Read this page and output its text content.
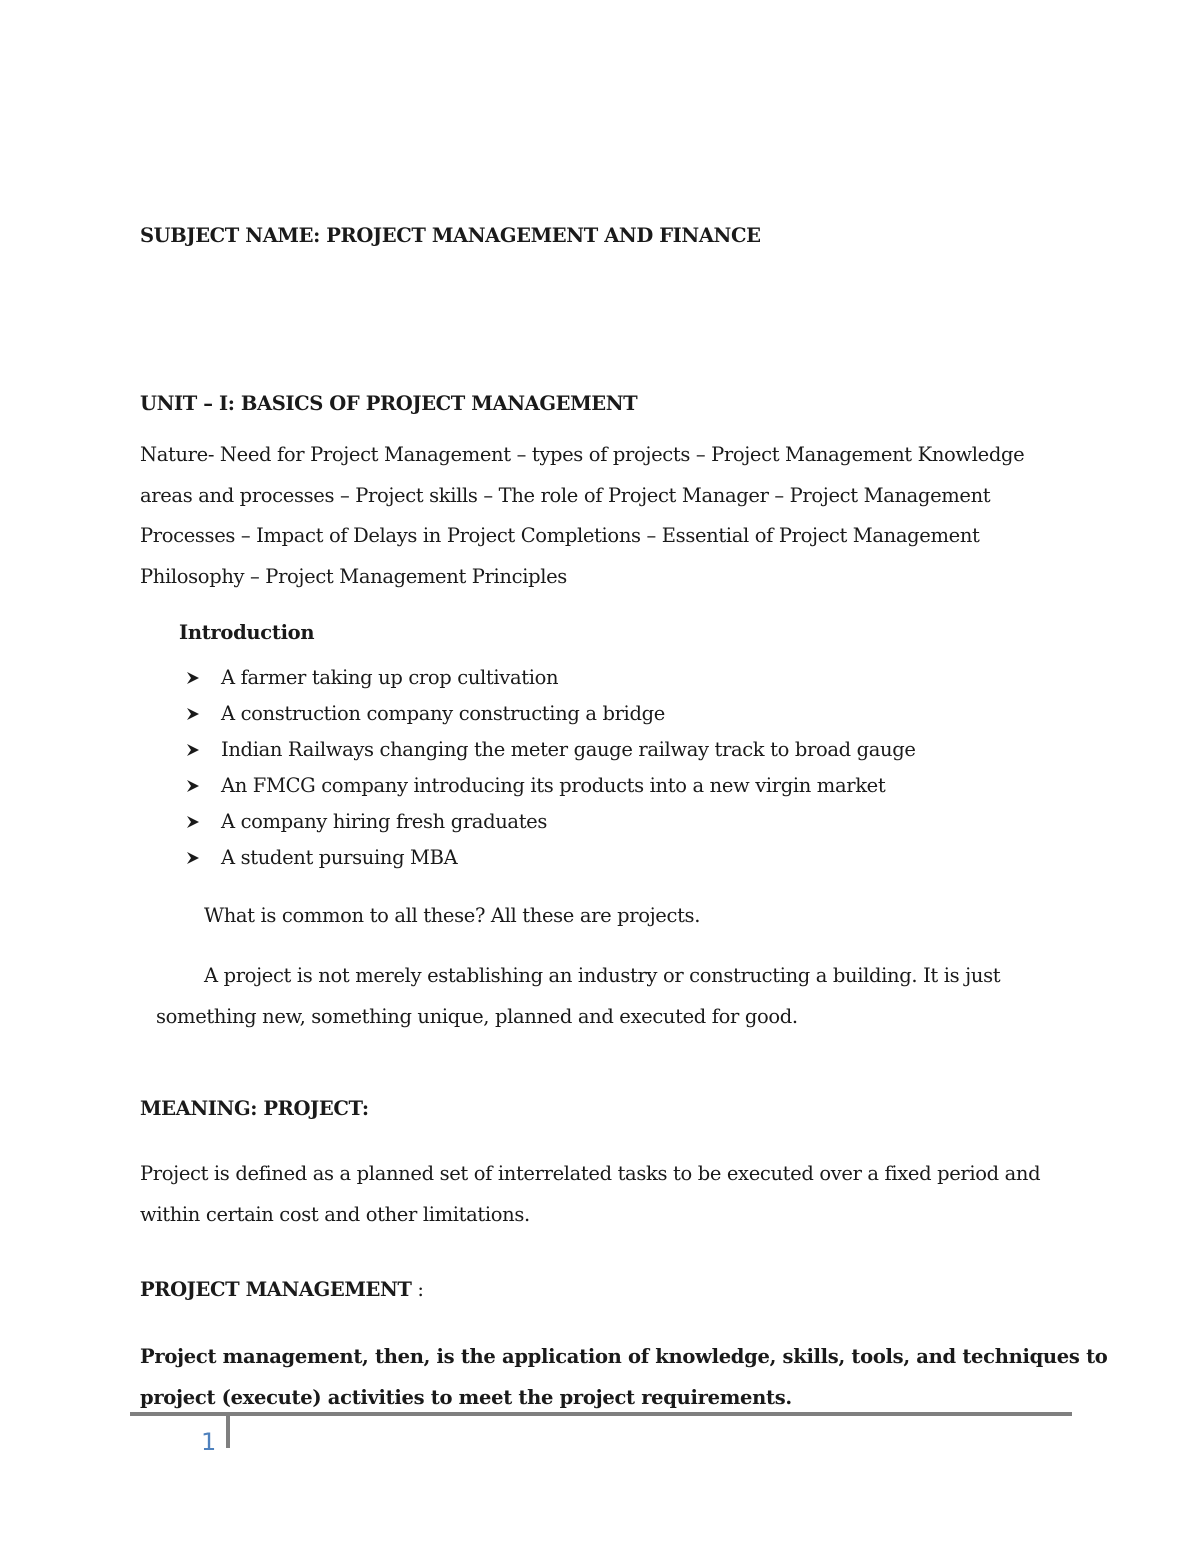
SUBJECT NAME: PROJECT MANAGEMENT AND FINANCE
UNIT – I: BASICS OF PROJECT MANAGEMENT
Nature- Need for Project Management – types of projects – Project Management Knowledge
areas and processes – Project skills – The role of Project Manager – Project Management
Processes – Impact of Delays in Project Completions – Essential of Project Management
Philosophy – Project Management Principles
Introduction
A farmer taking up crop cultivation
A construction company constructing a bridge
Indian Railways changing the meter gauge railway track to broad gauge
An FMCG company introducing its products into a new virgin market
A company hiring fresh graduates
A student pursuing MBA
What is common to all these? All these are projects.
A project is not merely establishing an industry or constructing a building. It is just
something new, something unique, planned and executed for good.
MEANING: PROJECT:
Project is defined as a planned set of interrelated tasks to be executed over a fixed period and
within certain cost and other limitations.
PROJECT MANAGEMENT :
Project management, then, is the application of knowledge, skills, tools, and techniques to
project (execute) activities to meet the project requirements.
1
